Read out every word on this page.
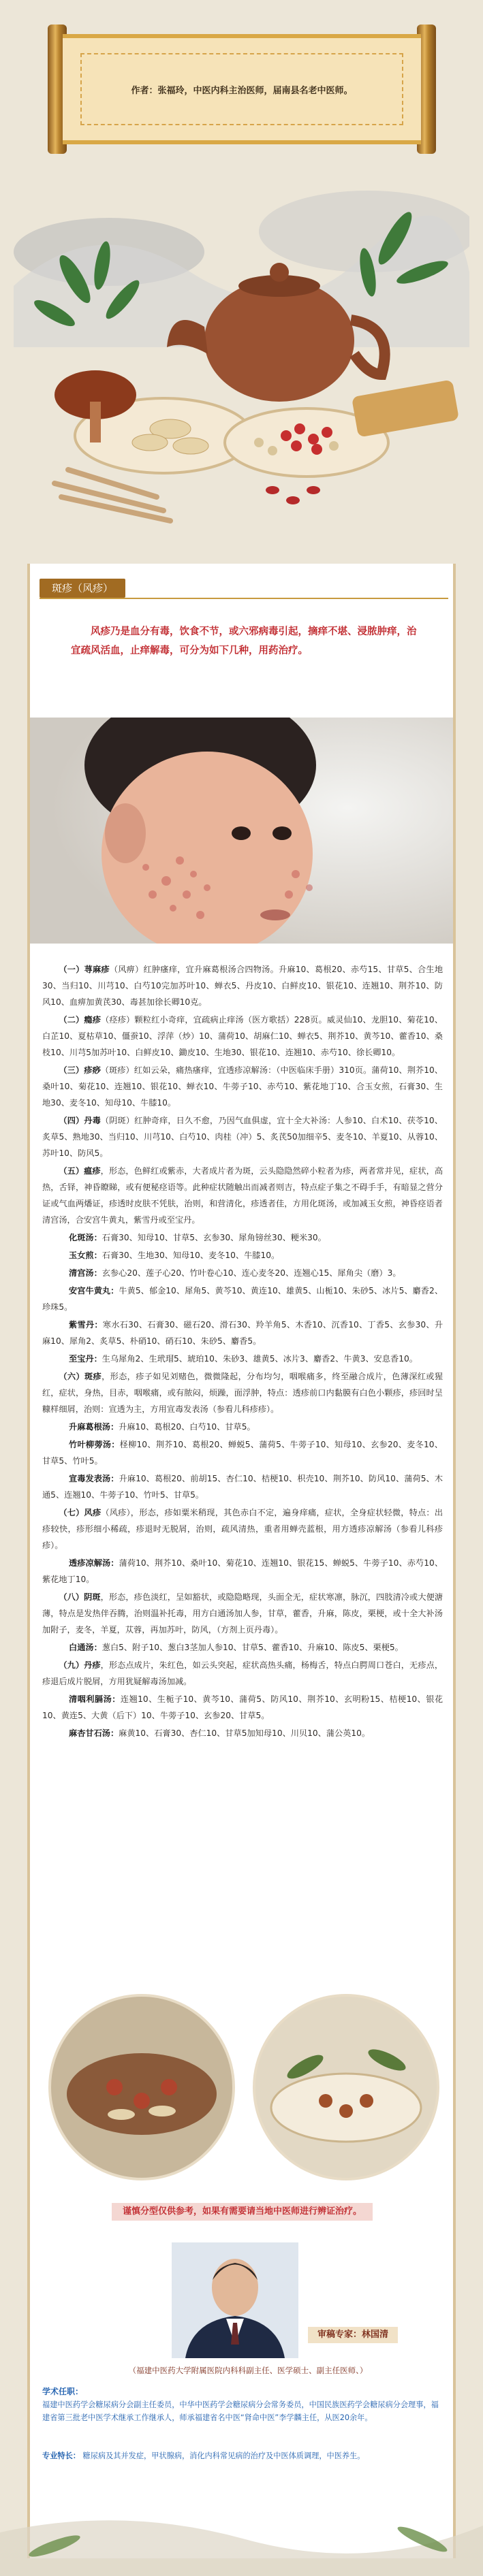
作者：张福玲，中医内科主治医师，届南县名老中医师。
斑疹（风疹）
风疹乃是血分有毒，饮食不节，或六邪病毒引起，摘痒不堪、浸脓肿痒，治宜疏风活血，止痒解毒，可分为如下几种，用药治疗。

（一）荨麻疹（风痹）红肿瘙痒，宜升麻葛根汤合四物汤。升麻10、葛根20、赤芍15、甘草5、合生地30、当归10、川芎10、白芍10完加苏叶10、蝉衣5、丹皮10、白鲜皮10、银花10、连翘10、荆芥10、防风10、血痹加黄芪30、毒甚加徐长卿10克。

（二）瘾疹（痉疹）颗粒红小奇痒，宜疏病止痒汤（医方歌括）228页。威灵仙10、龙胆10、菊花10、白芷10、夏枯草10、僵蚕10、浮萍（炒）10、蒲荷10、胡麻仁10、蝉衣5、荆芥10、黄芩10、藿香10、桑枝10、川芎5加苏叶10、白鲜皮10、鋤皮10、生地30、银花10、连翘10、赤芍10、徐长卿10。

（三）疹痧（斑疹）红如云朵，痛热瘙痒，宜透疹凉解汤：（中医临床手册）310页。蒲荷10、荆芥10、桑叶10、菊花10、连翘10、银花10、蝉衣10、牛蒡子10、赤芍10、紫花地丁10、合玉女煎，石膏30、生地30、麦冬10、知母10、牛膝10。

（四）丹毒（阴斑）红肿奇痒，日久不愈，乃因气血俱虚，宜十全大补汤：人参10、白术10、茯苓10、炙草5、熟地30、当归10、川芎10、白芍10、肉桂（冲）5、炙芪50加细辛5、麦冬10、羊夏10、从蓉10、苏叶10、防风5。

（五）瘟疹，形态，色鲜红或紫赤，大者成片者为斑，云头隐隐然碎小粒者为疹，两者常并见，症状，高热，舌铎，神昏瞭睇，或有便秘痉语等。此种症状随触出而减者则吉，特点症子集之不碍手手，有暗显之营分证或气血两燔证，疹透时皮肤不凭肤，治则，和营清化，疹透者佳，方用化斑汤，或加减玉女煎，神昏痉语者清宫汤，合安宫牛黄丸，紫雪丹或至宝丹。

化斑汤：石膏30、知母10、甘草5、玄参30、犀角镑丝30、粳米30。

玉女煎：石膏30、生地30、知母10、麦冬10、牛膝10。

清宫汤：玄参心20、莲子心20、竹叶卷心10、连心麦冬20、连翘心15、犀角尖（磨）3。

安宫牛黄丸：牛黄5、郁金10、犀角5、黄芩10、黄连10、雄黄5、山栀10、朱砂5、冰片5、麝香2、珍珠5。

紫雪丹：寒水石30、石膏30、磁石20、滑石30、羚羊角5、木香10、沉香10、丁香5、玄参30、升麻10、犀角2、炙草5、朴硝10、硝石10、朱砂5、麝香5。

至宝丹：生乌犀角2、生玳瑁5、琥珀10、朱砂3、雄黄5、冰片3、麝香2、牛黄3、安息香10。

（六）斑疹，形态，疹子如见刘赌色，微微隆起，分布均匀，咽喉痛多，终至融合成片，色薄深红或猩红，症状，身热，目赤，咽喉痛，或有脓闷，烦躁，面浮肿，特点：透疹前口内黏膜有白色小颗疹，疹回时呈糠样细屑，治则：宣透为主，方用宣毒发表汤（参看儿科疹疹）。

升麻葛根汤：升麻10、葛根20、白芍10、甘草5。

竹叶柳蒡汤：柽柳10、荆芥10、葛根20、蝉蜕5、蒲荷5、牛蒡子10、知母10、玄参20、麦冬10、甘草5、竹叶5。

宣毒发表汤：升麻10、葛根20、前胡15、杏仁10、桔梗10、枳壳10、荆芥10、防风10、蒲荷5、木通5、连翘10、牛蒡子10、竹叶5、甘草5。

（七）风疹（风疹），形态，疹如粟米稍现，其色赤白不定，遍身痒痛，症状，全身症状轻微，特点：出疹较快，疹形细小稀疏，疹退时无脱屑，治则，疏风清热，重者用蝉壳蓝根，用方透疹凉解汤（参看儿科疹疹）。

透疹凉解汤：蒲荷10、荆芥10、桑叶10、菊花10、连翘10、银花15、蝉蜕5、牛蒡子10、赤芍10、紫花地丁10。

（八）阴斑，形态，疹色淡红，呈如豁状，或隐隐略现，头面全无，症状寒凛，脉沉，四肢清冷或大便溏薄，特点是发热伴吞腾，治则温补托毒，用方白通汤加人参，甘草，藿香，升麻，陈皮，栗梗，或十全大补汤加附子，麦冬，羊夏，苁蓉，再加苏叶，防风，（方剂上页丹毒）。

白通汤：葱白5、附子10、葱白3茎加人参10、甘草5、藿香10、升麻10、陈皮5、栗梗5。

（九）丹疹，形态点成片，朱红色，如云头突起，症状高热头痛，杨梅舌，特点白腭周口苍白，无疹点，疹退后成片脱屑，方用犹疑解毒汤加减。

清咽利膈汤：连翘10、生栀子10、黄芩10、蒲荷5、防风10、荆芥10、玄明粉15、桔梗10、银花10、黄连5、大黄（后下）10、牛蒡子10、玄参20、甘草5。

麻杏甘石汤：麻黄10、石膏30、杏仁10、甘草5加知母10、川贝10、蒲公英10。

谨慎分型仅供参考，如果有需要请当地中医师进行辨证治疗。
审稿专家：林国清
（福建中医药大学附属医院内科科副主任、医学硕士、副主任医师、）
学术任职：
福建中医药学会糖尿病分会副主任委员，中华中医药学会糖尿病分会常务委员，中国民族医药学会糖尿病分会理事，福建省第三批老中医学术继承工作继承人，师承福建省名中医“肾命中医”李学麟主任，从医20余年。
专业特长： 糖尿病及其并发症，甲状腺病，消化内科常见病的治疗及中医体质调理，中医养生。
